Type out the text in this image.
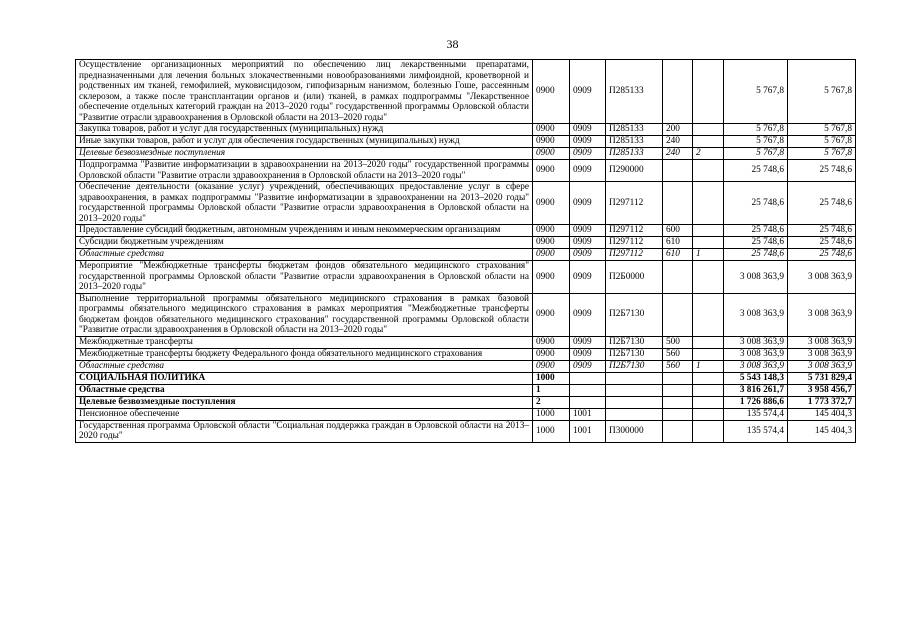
38
Осуществление организационных мероприятий по обеспечению лиц лекарственными препаратами, предназначенными для лечения больных злокачественными новообразованиями лимфоидной, кроветворной и родственных им тканей, гемофилией, муковисцидозом, гипофизарным нанизмом, болезнью Гоше, рассеянным склерозом, а также после трансплантации органов и (или) тканей, в рамках подпрограммы "Лекарственное обеспечение отдельных категорий граждан на 2013–2020 годы" государственной программы Орловской области "Развитие отрасли здравоохранения в Орловской области на 2013–2020 годы"	0900	0909	П285133			5 767,8	5 767,8
Закупка товаров, работ и услуг для государственных (муниципальных) нужд	0900	0909	П285133	200		5 767,8	5 767,8
Иные закупки товаров, работ и услуг для обеспечения государственных (муниципальных) нужд	0900	0909	П285133	240		5 767,8	5 767,8
Целевые безвозмездные поступления	0900	0909	П285133	240	2	5 767,8	5 767,8
Подпрограмма "Развитие информатизации в здравоохранении на 2013–2020 годы" государственной программы Орловской области "Развитие отрасли здравоохранения в Орловской области на 2013–2020 годы"	0900	0909	П290000			25 748,6	25 748,6
Обеспечение деятельности (оказание услуг) учреждений, обеспечивающих предоставление услуг в сфере здравоохранения, в рамках подпрограммы "Развитие информатизации в здравоохранении на 2013–2020 годы" государственной программы Орловской области "Развитие отрасли здравоохранения в Орловской области на 2013–2020 годы"	0900	0909	П297112			25 748,6	25 748,6
Предоставление субсидий бюджетным, автономным учреждениям и иным некоммерческим организациям	0900	0909	П297112	600		25 748,6	25 748,6
Субсидии бюджетным учреждениям	0900	0909	П297112	610		25 748,6	25 748,6
Областные средства	0900	0909	П297112	610	1	25 748,6	25 748,6
Мероприятие "Межбюджетные трансферты бюджетам фондов обязательного медицинского страхования" государственной программы Орловской области "Развитие отрасли здравоохранения в Орловской области на 2013–2020 годы"	0900	0909	П2Б0000			3 008 363,9	3 008 363,9
Выполнение территориальной программы обязательного медицинского страхования в рамках базовой программы обязательного медицинского страхования в рамках мероприятия "Межбюджетные трансферты бюджетам фондов обязательного медицинского страхования" государственной программы Орловской области "Развитие отрасли здравоохранения в Орловской области на 2013–2020 годы"	0900	0909	П2Б7130			3 008 363,9	3 008 363,9
Межбюджетные трансферты	0900	0909	П2Б7130	500		3 008 363,9	3 008 363,9
Межбюджетные трансферты бюджету Федерального фонда обязательного медицинского страхования	0900	0909	П2Б7130	560		3 008 363,9	3 008 363,9
Областные средства	0900	0909	П2Б7130	560	1	3 008 363,9	3 008 363,9
СОЦИАЛЬНАЯ ПОЛИТИКА	1000					5 543 148,3	5 731 829,4
Областные средства	1					3 816 261,7	3 958 456,7
Целевые безвозмездные поступления	2					1 726 886,6	1 773 372,7
Пенсионное обеспечение	1000	1001				135 574,4	145 404,3
Государственная программа Орловской области "Социальная поддержка граждан в Орловской области на 2013–2020 годы"	1000	1001	П300000			135 574,4	145 404,3
